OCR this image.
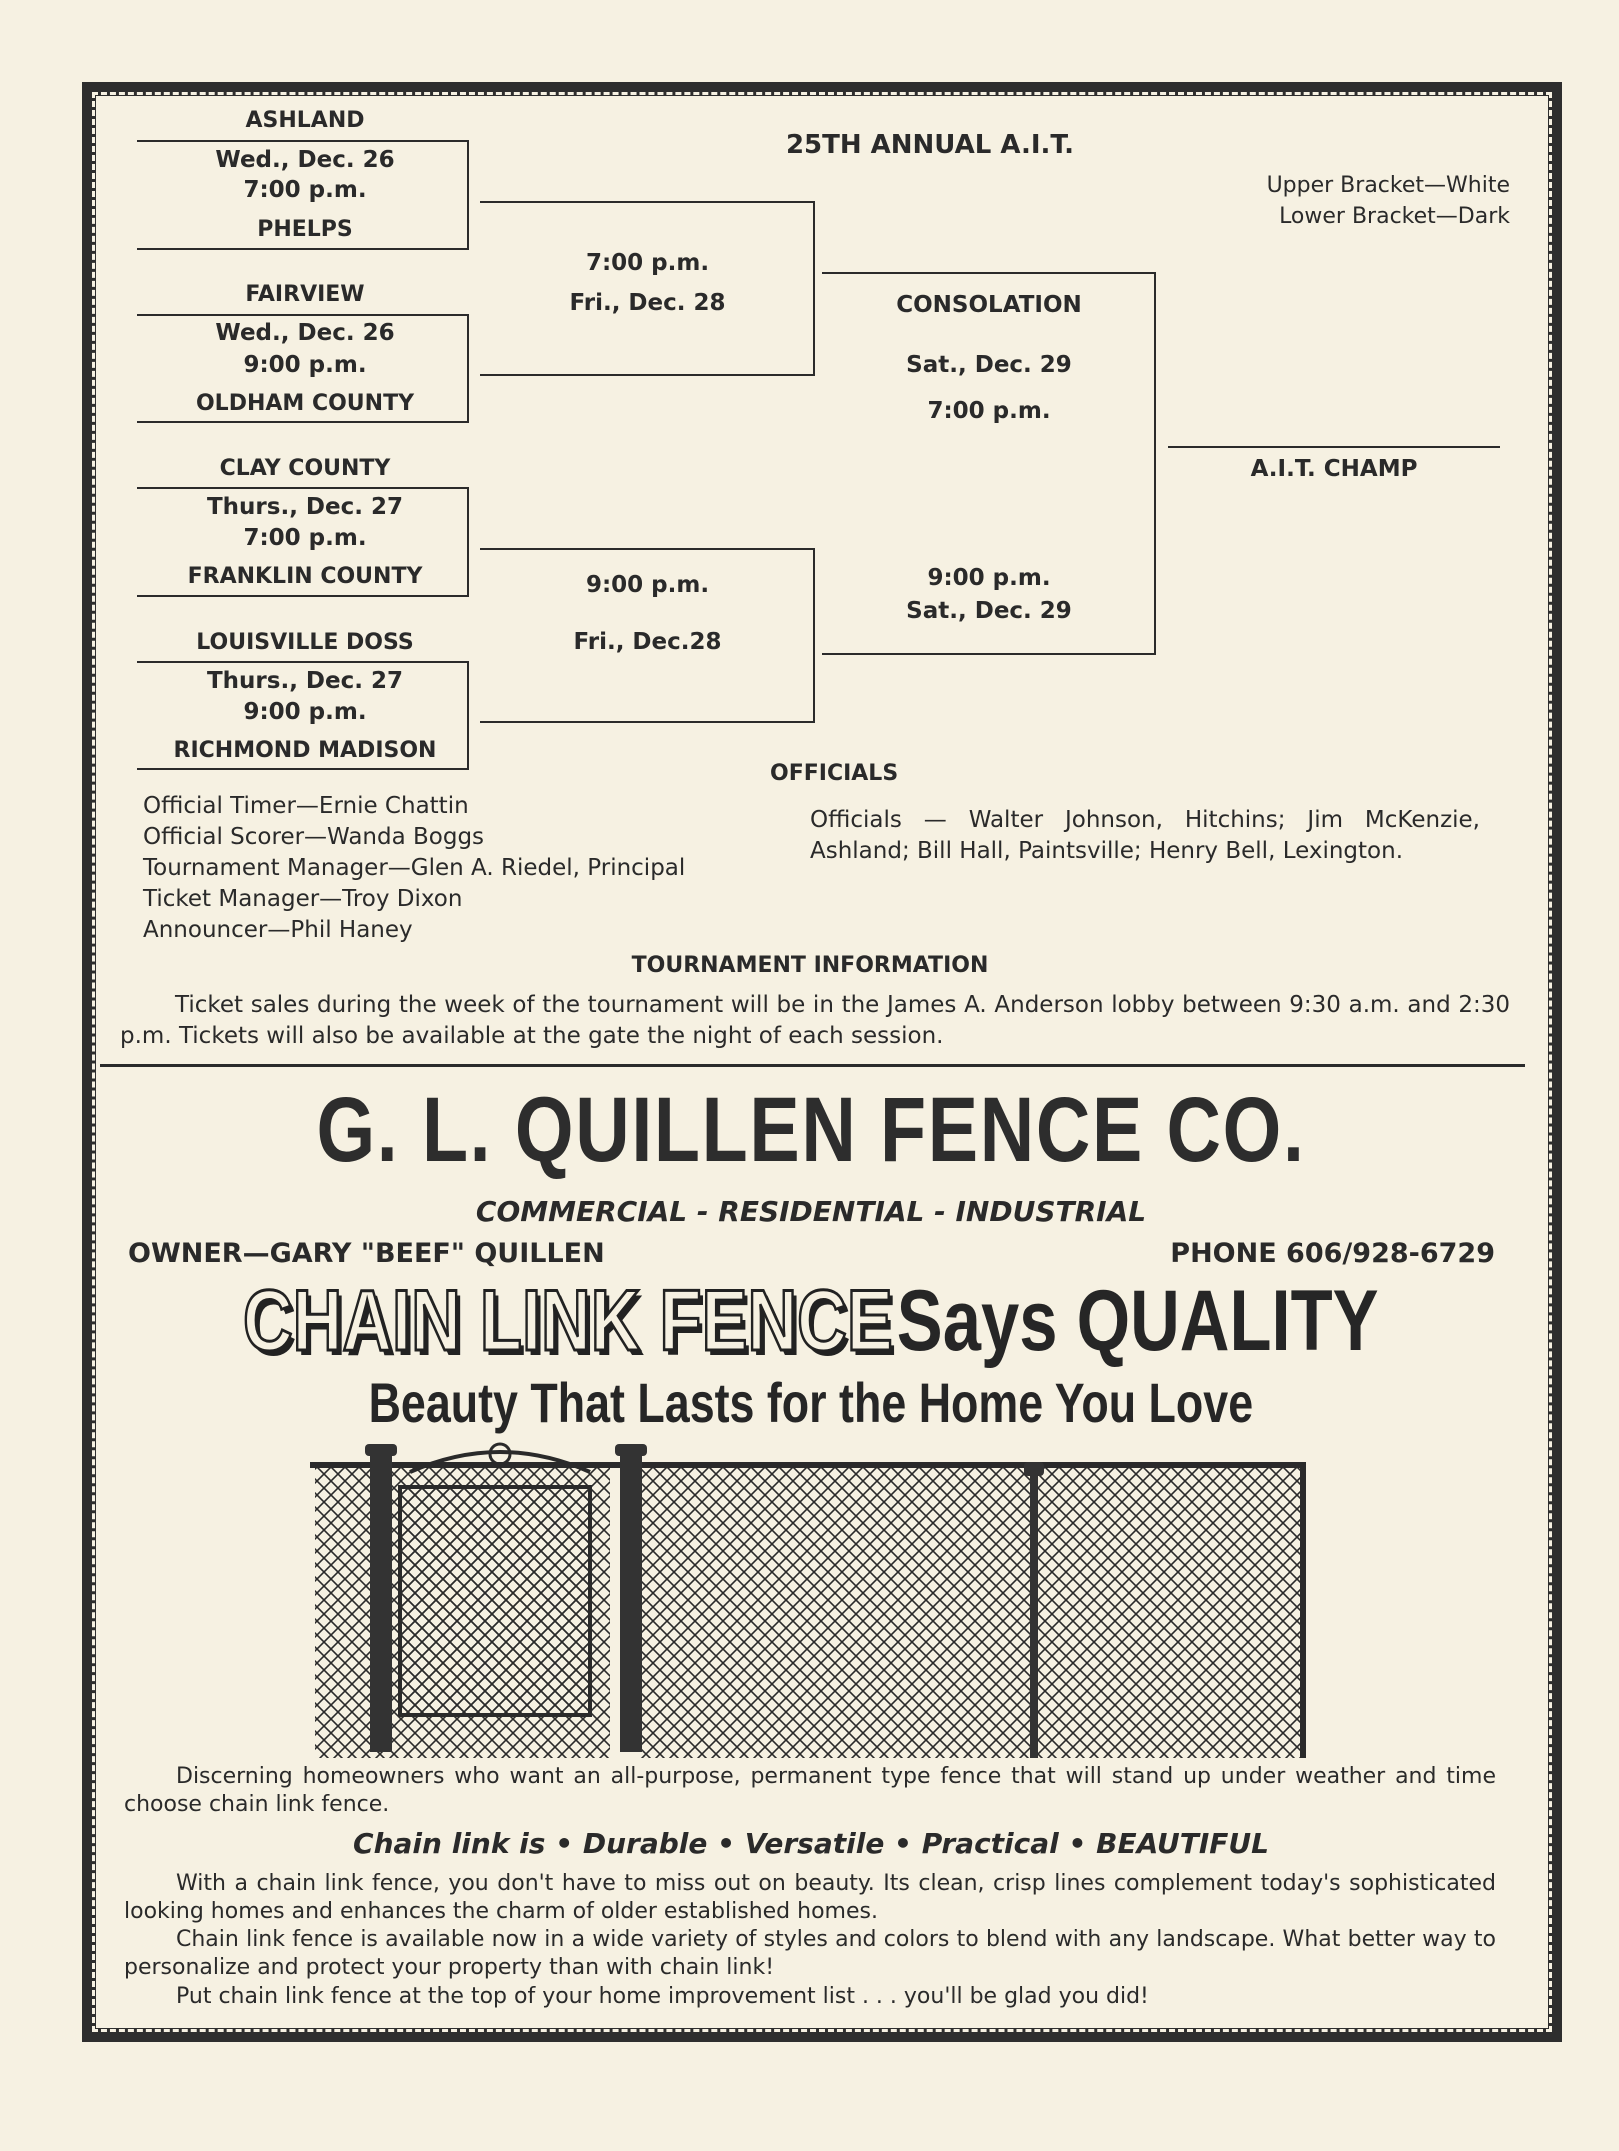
25TH ANNUAL A.I.T.
Upper Bracket—White
Lower Bracket—Dark
ASHLAND
Wed., Dec. 26
7:00 p.m.
PHELPS
FAIRVIEW
Wed., Dec. 26
9:00 p.m.
OLDHAM COUNTY
CLAY COUNTY
Thurs., Dec. 27
7:00 p.m.
FRANKLIN COUNTY
LOUISVILLE DOSS
Thurs., Dec. 27
9:00 p.m.
RICHMOND MADISON
7:00 p.m.
Fri., Dec. 28
9:00 p.m.
Fri., Dec.28
CONSOLATION
Sat., Dec. 29
7:00 p.m.
9:00 p.m.
Sat., Dec. 29
A.I.T. CHAMP
Official Timer—Ernie Chattin
Official Scorer—Wanda Boggs
Tournament Manager—Glen A. Riedel, Principal
Ticket Manager—Troy Dixon
Announcer—Phil Haney
OFFICIALS
Officials — Walter Johnson, Hitchins; Jim McKenzie, Ashland; Bill Hall, Paintsville; Henry Bell, Lexington.
TOURNAMENT INFORMATION
Ticket sales during the week of the tournament will be in the James A. Anderson lobby between 9:30 a.m. and 2:30 p.m. Tickets will also be available at the gate the night of each session.
G. L. QUILLEN FENCE CO.
COMMERCIAL - RESIDENTIAL - INDUSTRIAL
OWNER—GARY "BEEF" QUILLEN	PHONE 606/928-6729
CHAIN LINK FENCE Says QUALITY
Beauty That Lasts for the Home You Love
Discerning homeowners who want an all-purpose, permanent type fence that will stand up under weather and time choose chain link fence.
Chain link is • Durable • Versatile • Practical • BEAUTIFUL
With a chain link fence, you don't have to miss out on beauty. Its clean, crisp lines complement today's sophisticated looking homes and enhances the charm of older established homes.
Chain link fence is available now in a wide variety of styles and colors to blend with any landscape. What better way to personalize and protect your property than with chain link!
Put chain link fence at the top of your home improvement list . . . you'll be glad you did!
